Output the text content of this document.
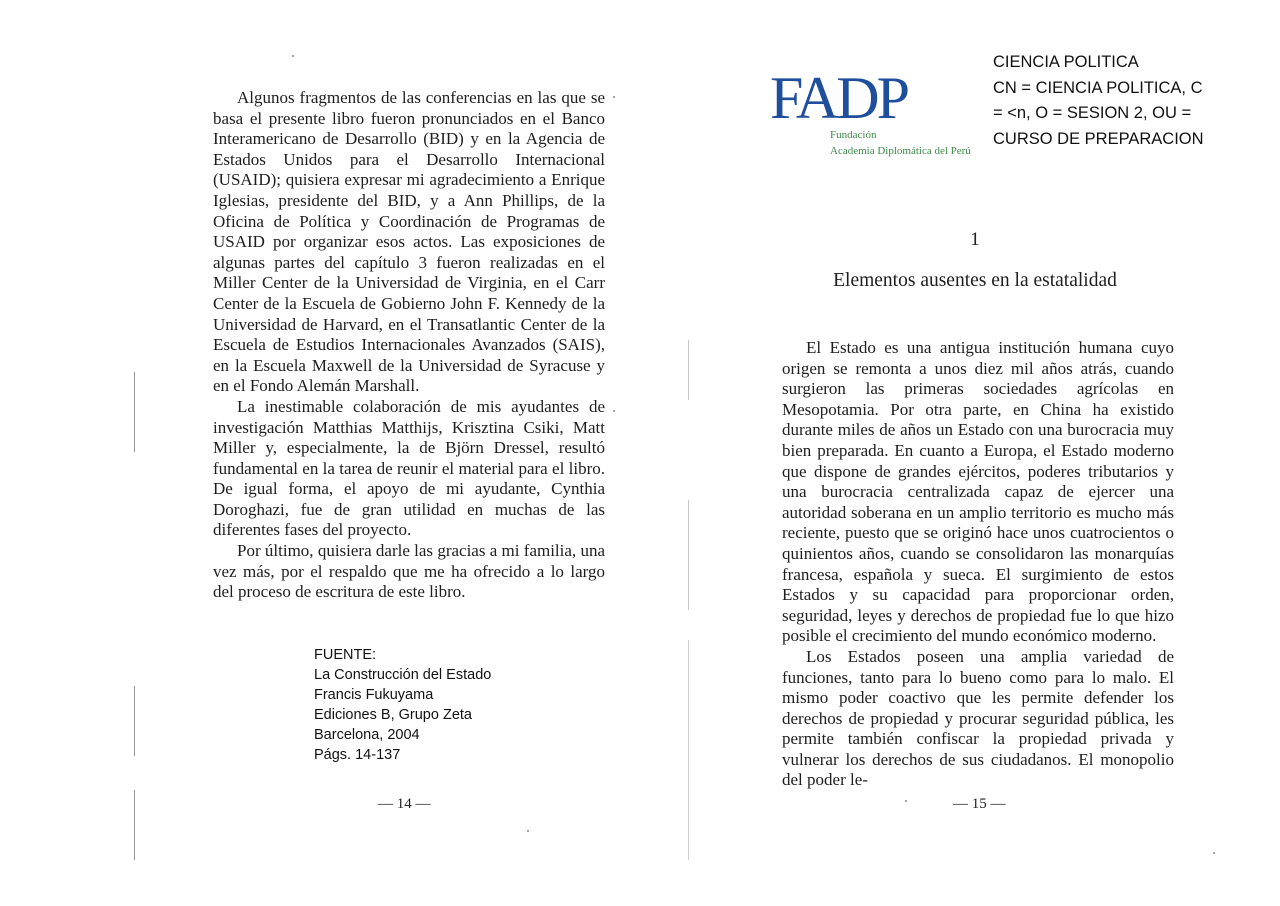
Algunos fragmentos de las conferencias en las que se basa el presente libro fueron pronunciados en el Banco Interamericano de Desarrollo (BID) y en la Agencia de Estados Unidos para el Desarrollo Internacional (USAID); quisiera expresar mi agradecimiento a Enrique Iglesias, presidente del BID, y a Ann Phillips, de la Oficina de Política y Coordinación de Programas de USAID por organizar esos actos. Las exposiciones de algunas partes del capítulo 3 fueron realizadas en el Miller Center de la Universidad de Virginia, en el Carr Center de la Escuela de Gobierno John F. Kennedy de la Universidad de Harvard, en el Transatlantic Center de la Escuela de Estudios Internacionales Avanzados (SAIS), en la Escuela Maxwell de la Universidad de Syracuse y en el Fondo Alemán Marshall.

La inestimable colaboración de mis ayudantes de investigación Matthias Matthijs, Krisztina Csiki, Matt Miller y, especialmente, la de Björn Dressel, resultó fundamental en la tarea de reunir el material para el libro. De igual forma, el apoyo de mi ayudante, Cynthia Doroghazi, fue de gran utilidad en muchas de las diferentes fases del proyecto.

Por último, quisiera darle las gracias a mi familia, una vez más, por el respaldo que me ha ofrecido a lo largo del proceso de escritura de este libro.

FUENTE:
La Construcción del Estado
Francis Fukuyama
Ediciones B, Grupo Zeta
Barcelona, 2004
Págs. 14-137
— 14 —
FADP
Fundación
Academia Diplomática del Perú
CIENCIA POLITICA
CN = CIENCIA POLITICA, C
= <n, O = SESION 2, OU =
CURSO DE PREPARACION
1
Elementos ausentes en la estatalidad

El Estado es una antigua institución humana cuyo origen se remonta a unos diez mil años atrás, cuando surgieron las primeras sociedades agrícolas en Mesopotamia. Por otra parte, en China ha existido durante miles de años un Estado con una burocracia muy bien preparada. En cuanto a Europa, el Estado moderno que dispone de grandes ejércitos, poderes tributarios y una burocracia centralizada capaz de ejercer una autoridad soberana en un amplio territorio es mucho más reciente, puesto que se originó hace unos cuatrocientos o quinientos años, cuando se consolidaron las monarquías francesa, española y sueca. El surgimiento de estos Estados y su capacidad para proporcionar orden, seguridad, leyes y derechos de propiedad fue lo que hizo posible el crecimiento del mundo económico moderno.

Los Estados poseen una amplia variedad de funciones, tanto para lo bueno como para lo malo. El mismo poder coactivo que les permite defender los derechos de propiedad y procurar seguridad pública, les permite también confiscar la propiedad privada y vulnerar los derechos de sus ciudadanos. El monopolio del poder le-

— 15 —
